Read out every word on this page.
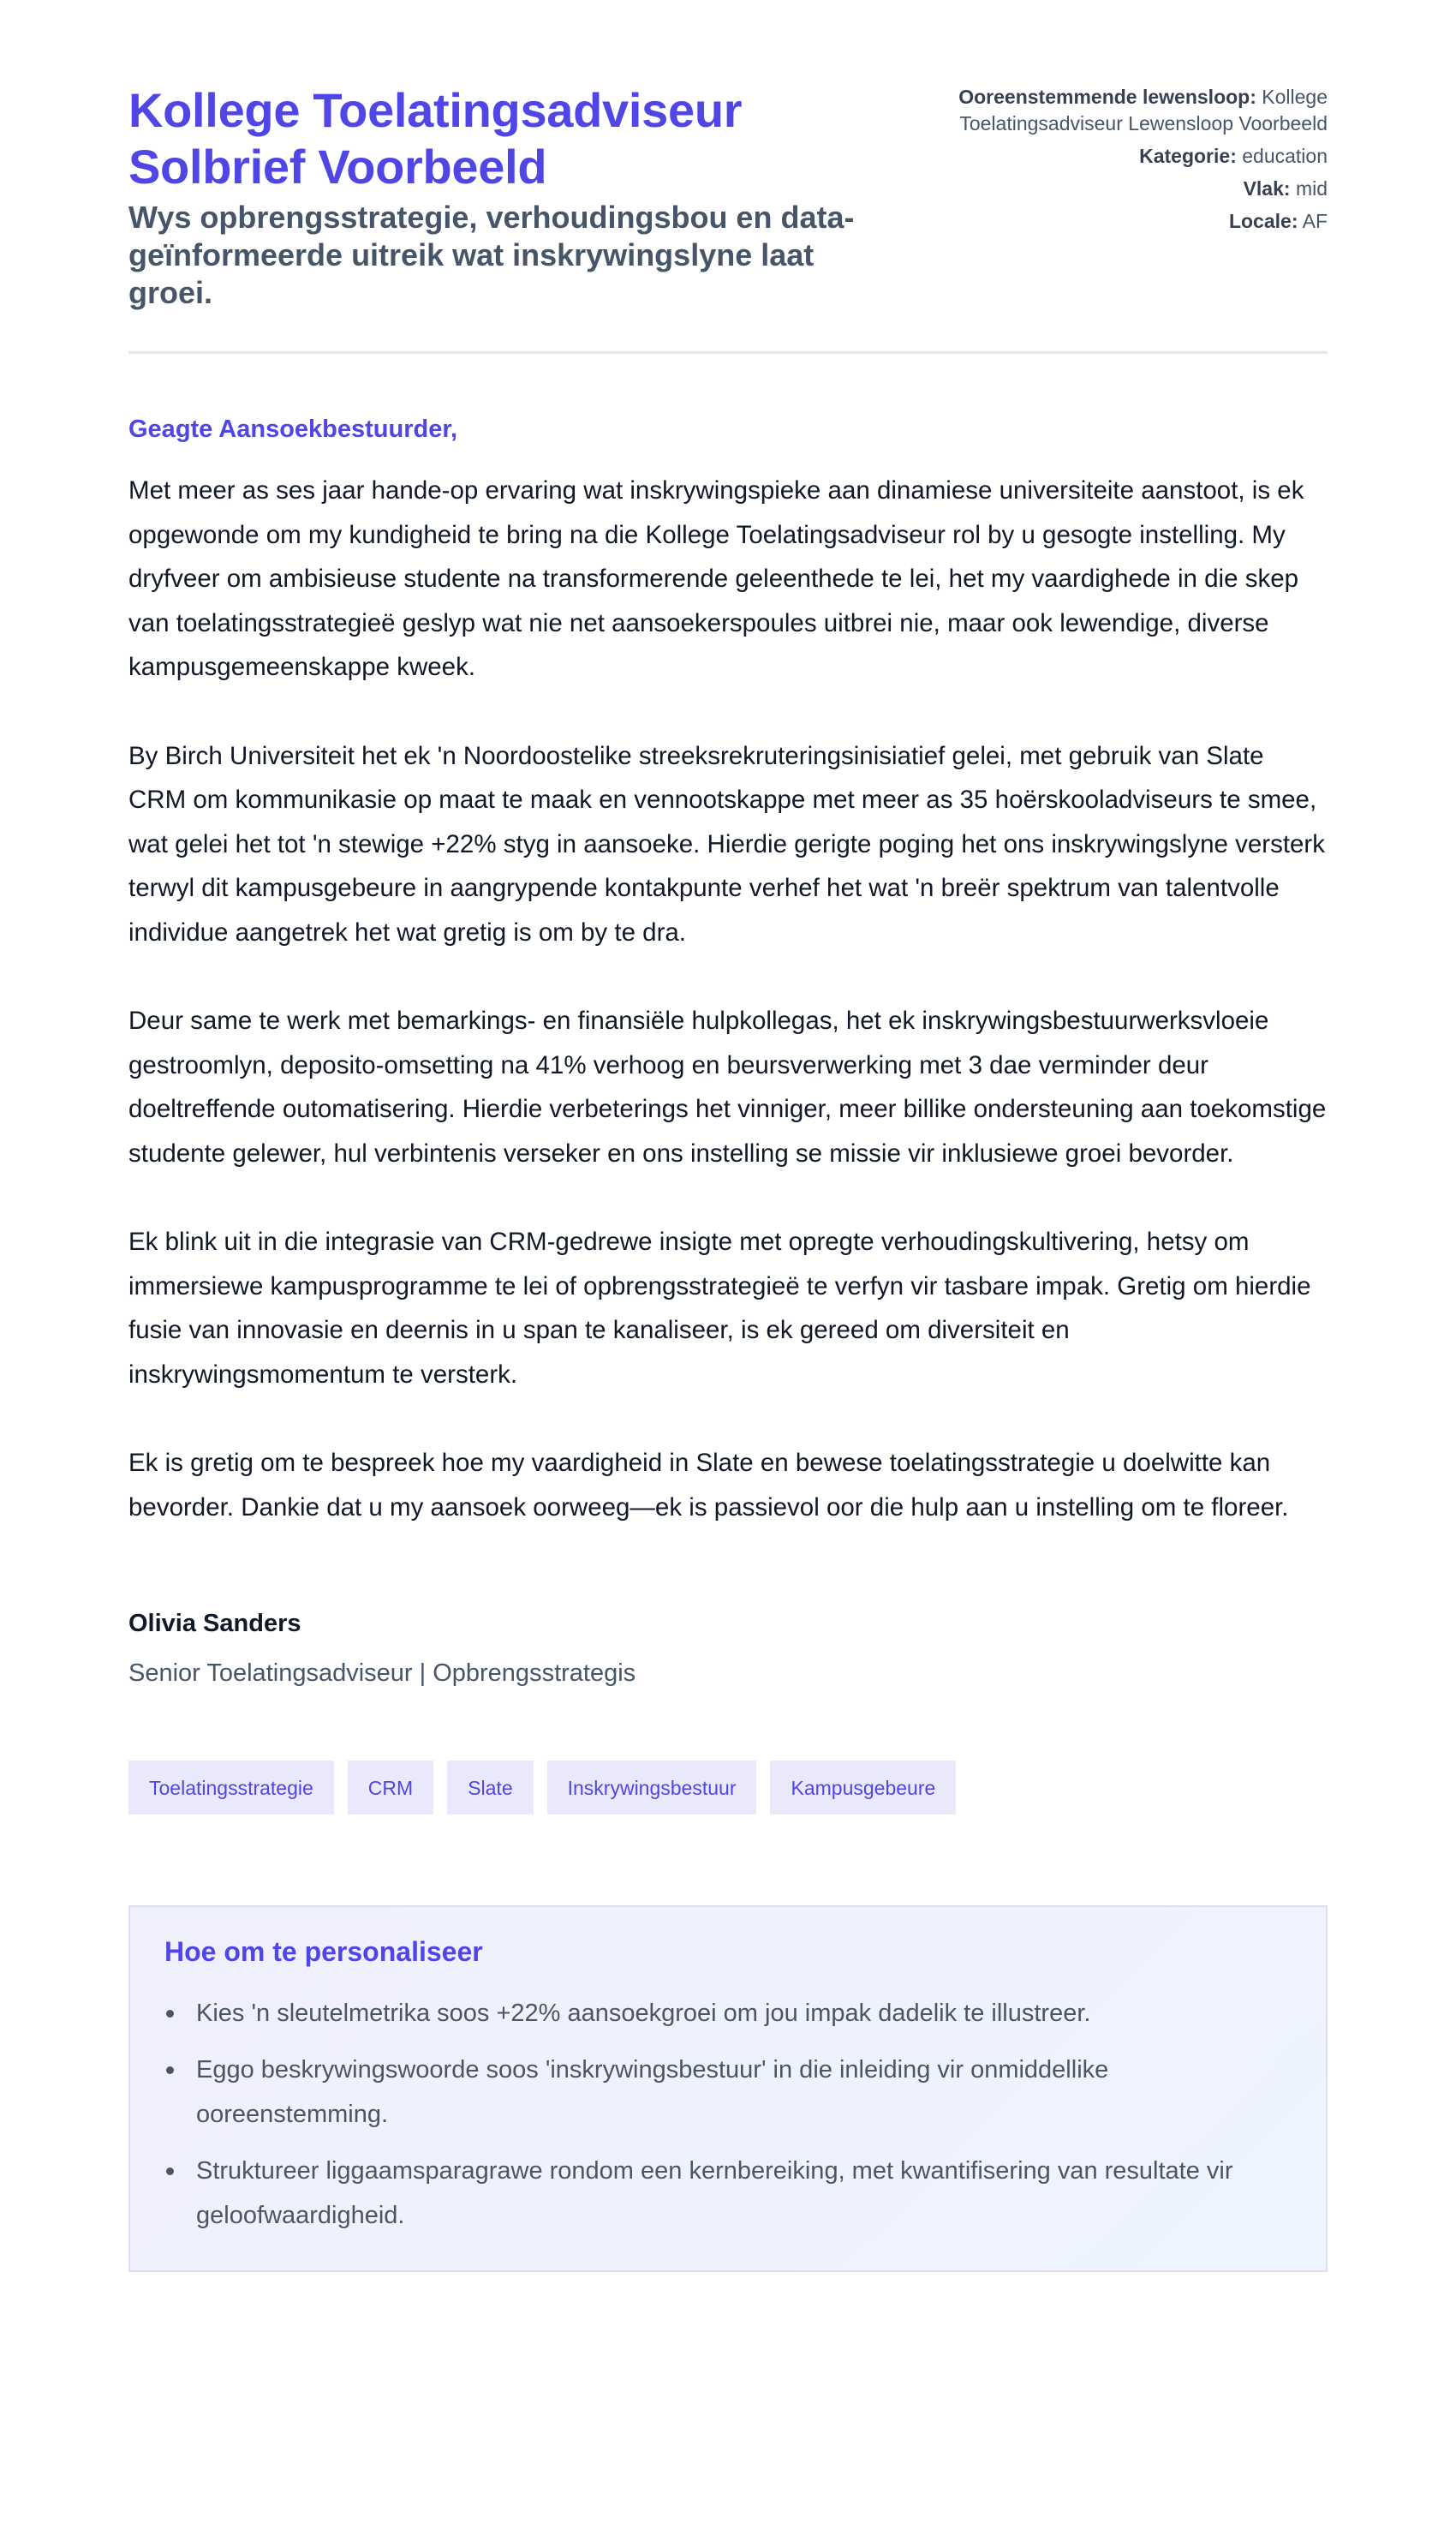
Kollege Toelatingsadviseur Solbrief Voorbeeld

Wys opbrengsstrategie, verhoudingsbou en data-geïnformeerde uitreik wat inskrywingslyne laat groei.

Ooreenstemmende lewensloop: Kollege Toelatingsadviseur Lewensloop Voorbeeld
Kategorie: education
Vlak: mid
Locale: AF

Geagte Aansoekbestuurder,

Met meer as ses jaar hande-op ervaring wat inskrywingspieke aan dinamiese universiteite aanstoot, is ek opgewonde om my kundigheid te bring na die Kollege Toelatingsadviseur rol by u gesogte instelling. My dryfveer om ambisieuse studente na transformerende geleenthede te lei, het my vaardighede in die skep van toelatingsstrategieë geslyp wat nie net aansoekerspoules uitbrei nie, maar ook lewendige, diverse kampusgemeenskappe kweek.

By Birch Universiteit het ek 'n Noordoostelike streeksrekruteringsinisiatief gelei, met gebruik van Slate CRM om kommunikasie op maat te maak en vennootskappe met meer as 35 hoërskooladviseurs te smee, wat gelei het tot 'n stewige +22% styg in aansoeke. Hierdie gerigte poging het ons inskrywingslyne versterk terwyl dit kampusgebeure in aangrypende kontakpunte verhef het wat 'n breër spektrum van talentvolle individue aangetrek het wat gretig is om by te dra.

Deur same te werk met bemarkings- en finansiële hulpkollegas, het ek inskrywingsbestuurwerksvloeie gestroomlyn, deposito-omsetting na 41% verhoog en beursverwerking met 3 dae verminder deur doeltreffende outomatisering. Hierdie verbeterings het vinniger, meer billike ondersteuning aan toekomstige studente gelewer, hul verbintenis verseker en ons instelling se missie vir inklusiewe groei bevorder.

Ek blink uit in die integrasie van CRM-gedrewe insigte met opregte verhoudingskultivering, hetsy om immersiewe kampusprogramme te lei of opbrengsstrategieë te verfyn vir tasbare impak. Gretig om hierdie fusie van innovasie en deernis in u span te kanaliseer, is ek gereed om diversiteit en inskrywingsmomentum te versterk.

Ek is gretig om te bespreek hoe my vaardigheid in Slate en bewese toelatingsstrategie u doelwitte kan bevorder. Dankie dat u my aansoek oorweeg—ek is passievol oor die hulp aan u instelling om te floreer.

Olivia Sanders
Senior Toelatingsadviseur | Opbrengsstrategis
Toelatingsstrategie	CRM	Slate	Inskrywingsbestuur	Kampusgebeure
Hoe om te personaliseer
Kies 'n sleutelmetrika soos +22% aansoekgroei om jou impak dadelik te illustreer.
Eggo beskrywingswoorde soos 'inskrywingsbestuur' in die inleiding vir onmiddellike ooreenstemming.
Struktureer liggaamsparagrawe rondom een kernbereiking, met kwantifisering van resultate vir geloofwaardigheid.
